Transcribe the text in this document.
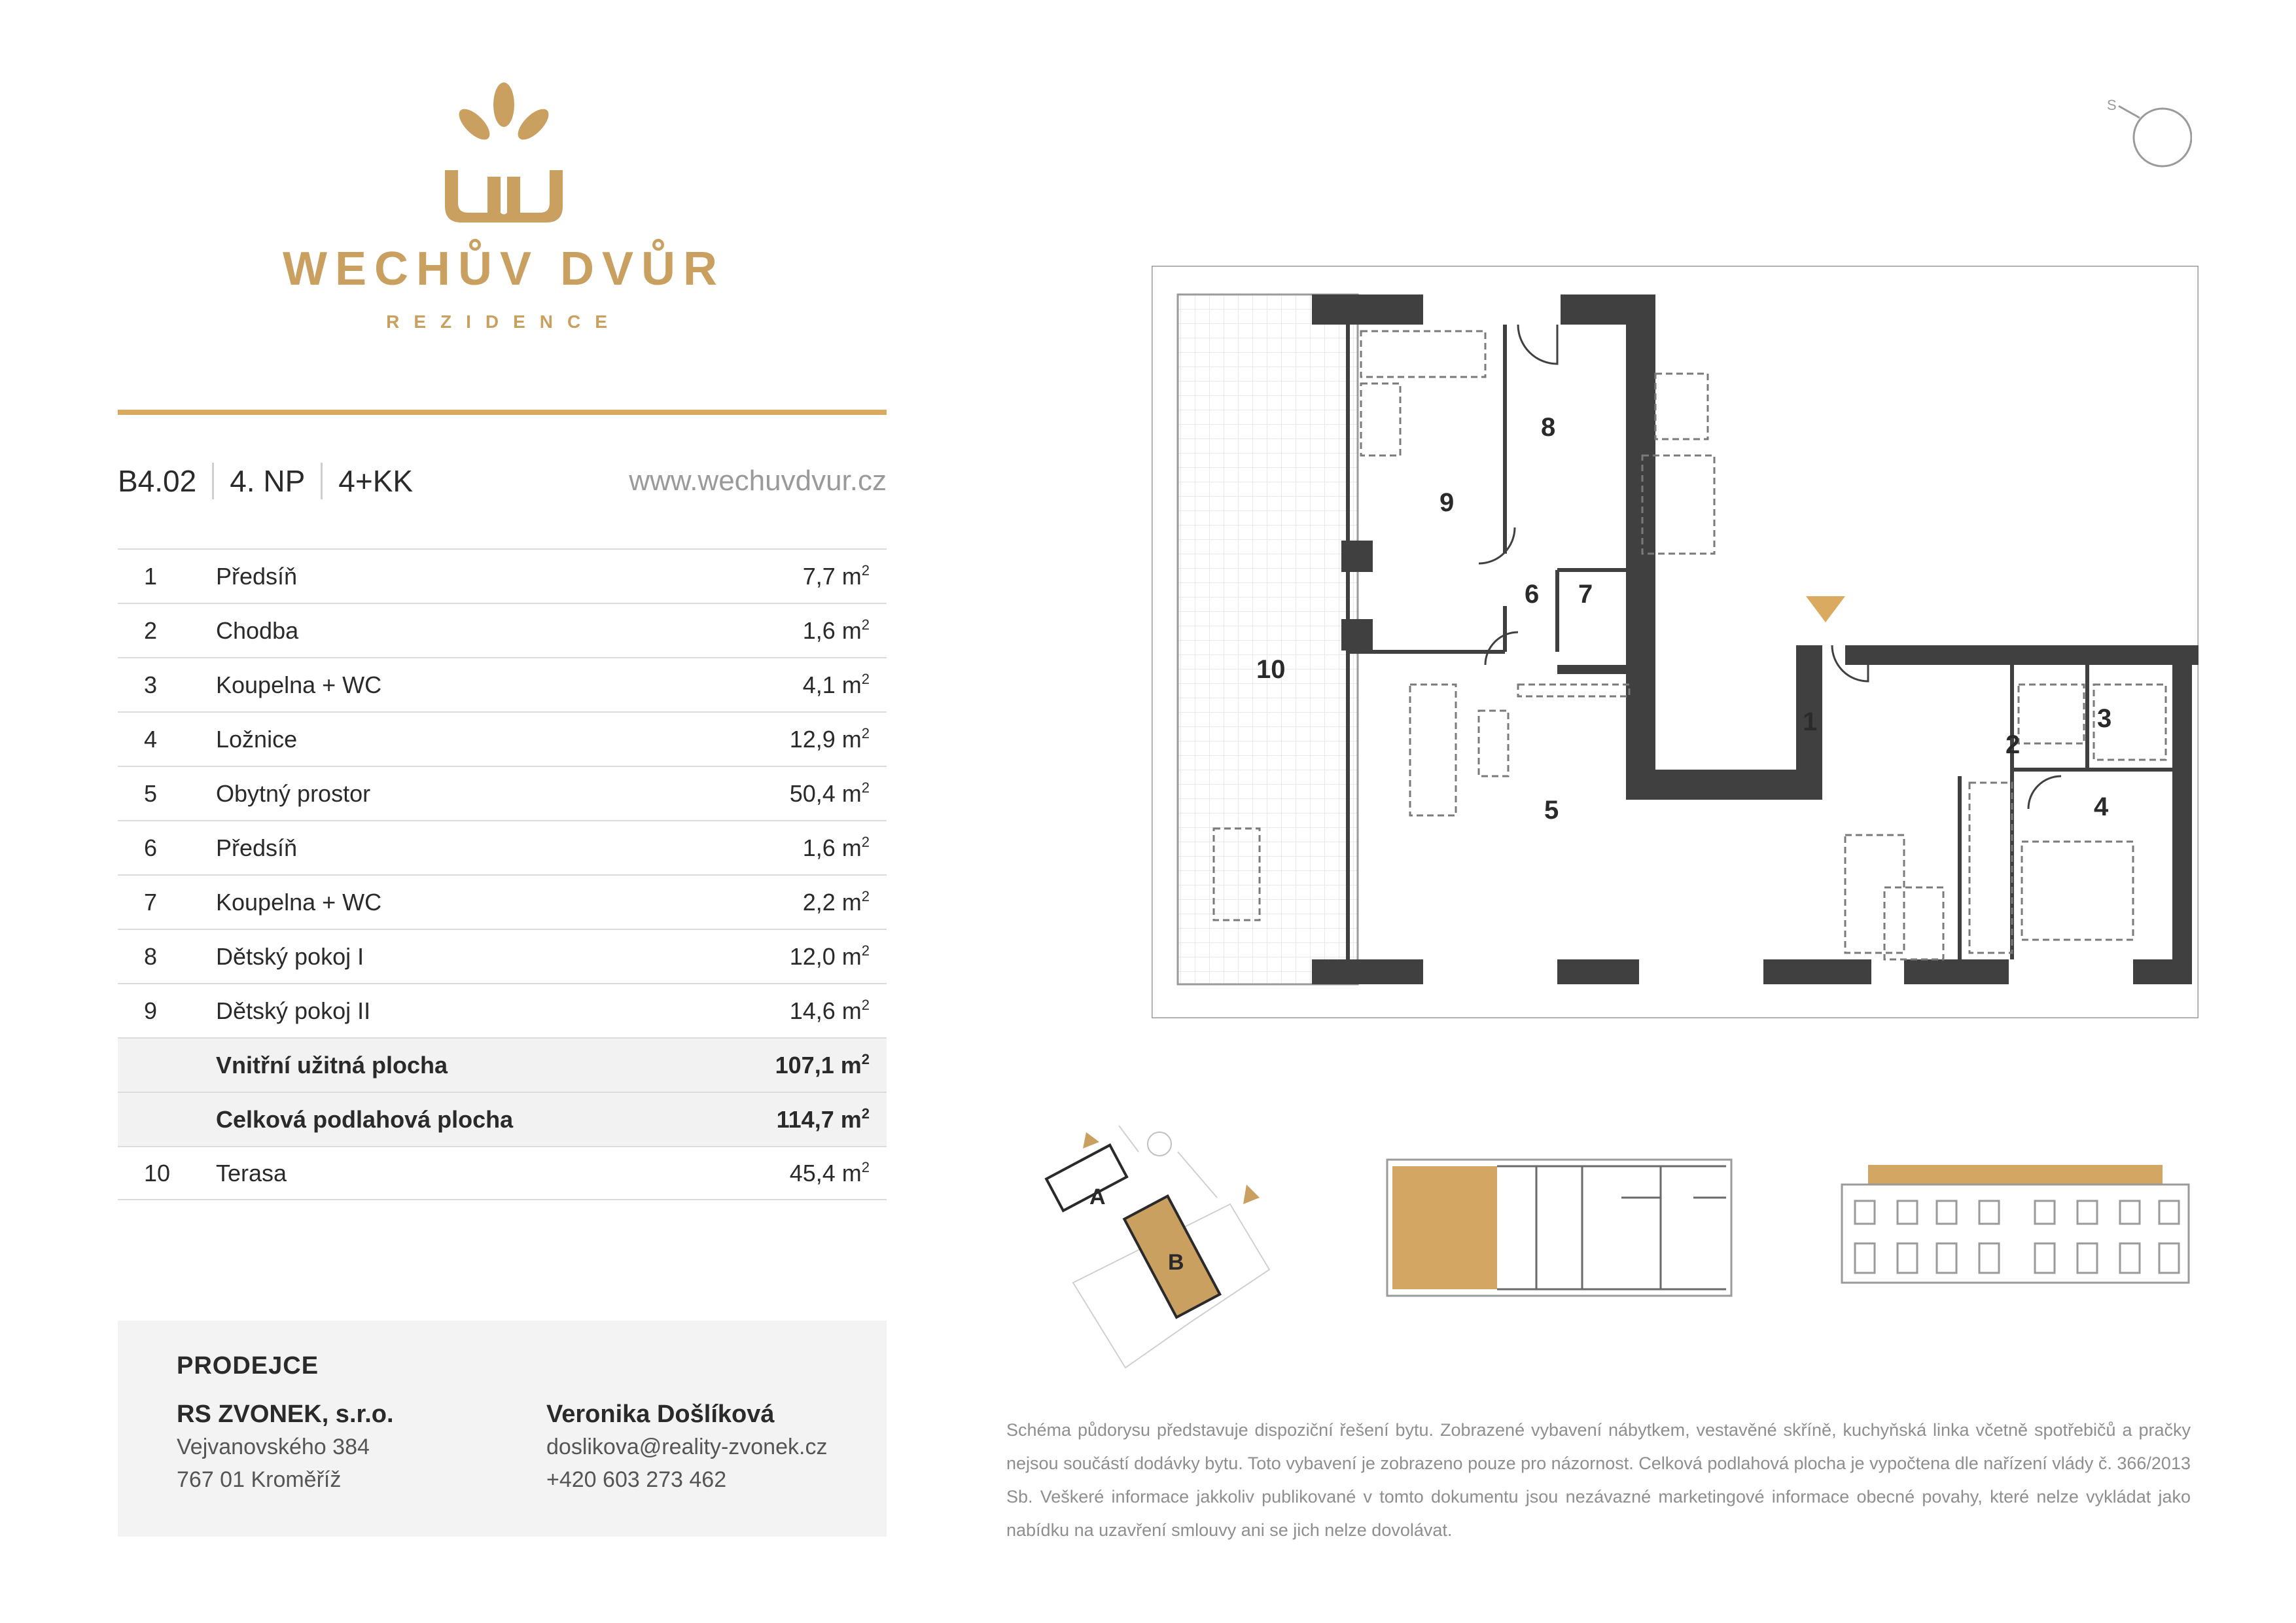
WECHŮV DVŮR
REZIDENCE
B4.02	4. NP	4+KK	www.wechuvdvur.cz
1	Předsíň	7,7 $m^2$
2	Chodba	1,6 $m^2$
3	Koupelna + WC	4,1 $m^2$
4	Ložnice	12,9 $m^2$
5	Obytný prostor	50,4 $m^2$
6	Předsíň	1,6 $m^2$
7	Koupelna + WC	2,2 $m^2$
8	Dětský pokoj I	12,0 $m^2$
9	Dětský pokoj II	14,6 $m^2$
Vnitřní užitná plocha	107,1 $m^2$
Celková podlahová plocha	114,7 $m^2$
10	Terasa	45,4 $m^2$
PRODEJCE
RS ZVONEK, s.r.o.
Vejvanovského 384
767 01 Kroměříž
Veronika Došlíková
doslikova@reality-zvonek.cz
+420 603 273 462
S
1
2
3
4
5
6 7
8
9
10
A
B
Schéma půdorysu představuje dispoziční řešení bytu. Zobrazené vybavení nábytkem, vestavěné skříně, kuchyňská linka včetně spotřebičů a pračky nejsou součástí dodávky bytu. Toto vybavení je zobrazeno pouze pro názornost. Celková podlahová plocha je vypočtena dle nařízení vlády č. 366/2013 Sb. Veškeré informace jakkoliv publikované v tomto dokumentu jsou nezávazné marketingové informace obecné povahy, které nelze vykládat jako nabídku na uzavření smlouvy ani se jich nelze dovolávat.
